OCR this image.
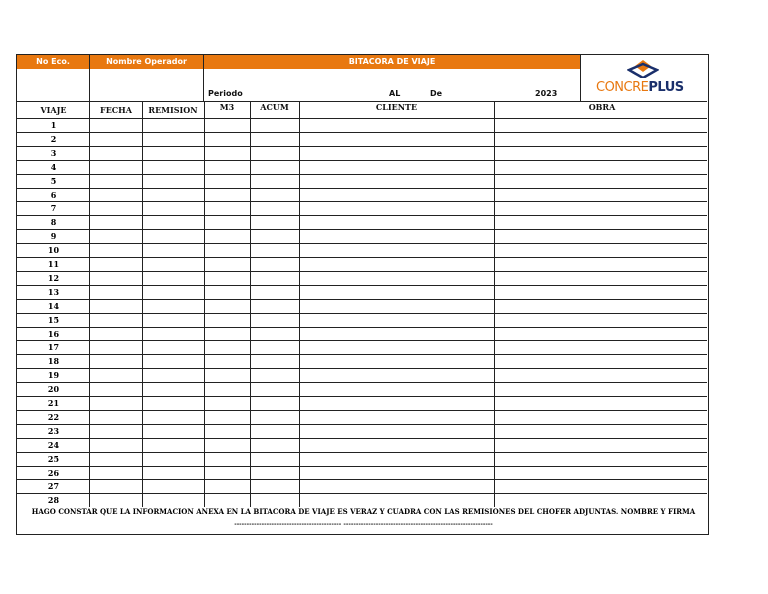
No Eco.	Nombre Operador	BITACORA DE VIAJE
Periodo	AL	De	2023	CONCREPLUS
VIAJE	FECHA	REMISION	M3	ACUM	CLIENTE	OBRA
1
2
3
4
5
6
7
8
9
10
11
12
13
14
15
16
17
18
19
20
21
22
23
24
25
26
27
28
HAGO CONSTAR QUE LA INFORMACION ANEXA EN LA BITACORA DE VIAJE ES VERAZ Y CUADRA CON LAS REMISIONES DEL CHOFER ADJUNTAS. NOMBRE Y FIRMA
------------------------------------------- ------------------------------------------------------------
